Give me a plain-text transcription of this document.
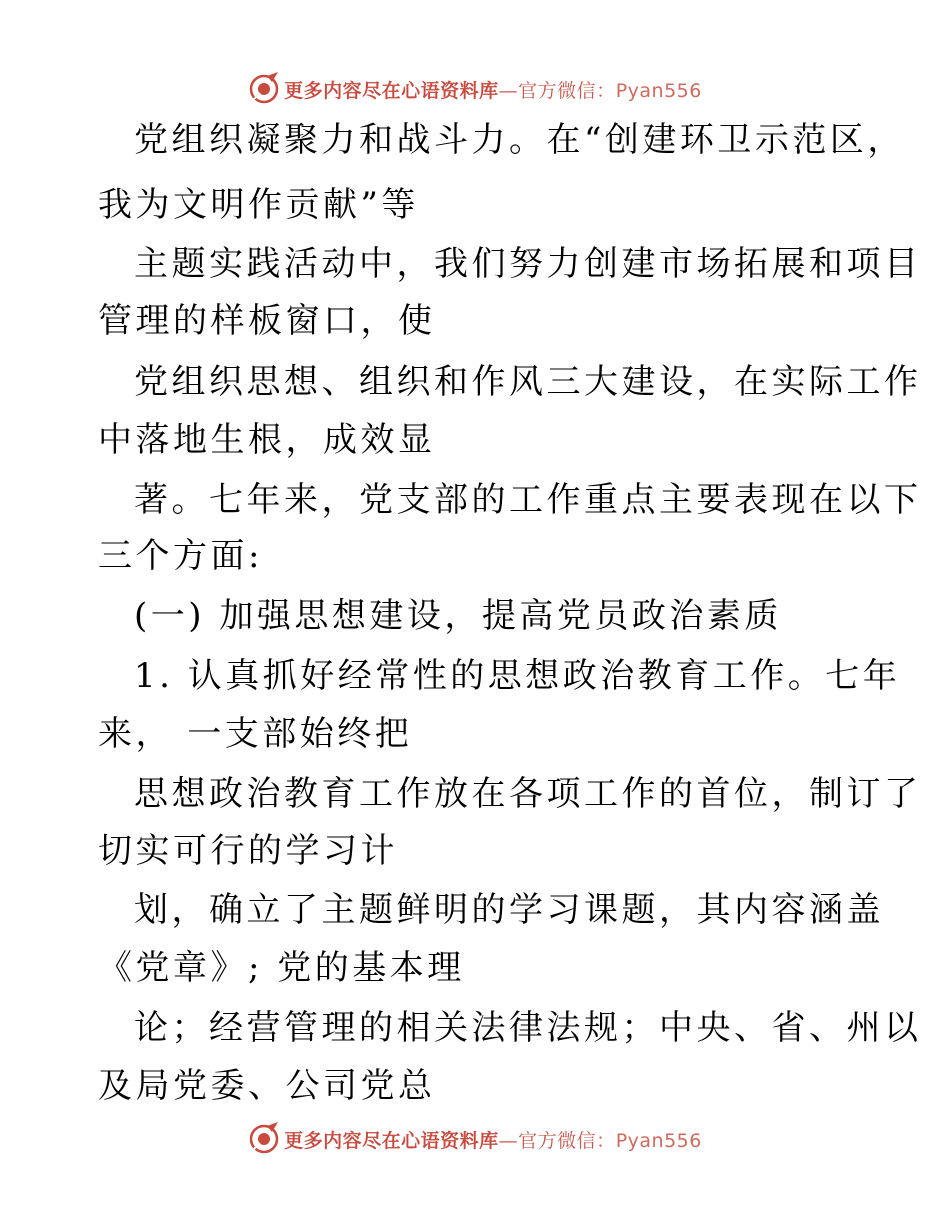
更多内容尽在心语资料库—官方微信：Pyan556
党组织凝聚力和战斗力。在“创建环卫示范区，
我为文明作贡献”等
主题实践活动中，我们努力创建市场拓展和项目
管理的样板窗口，使
党组织思想、组织和作风三大建设，在实际工作
中落地生根，成效显
著。七年来，党支部的工作重点主要表现在以下
三个方面:
(一) 加强思想建设，提高党员政治素质
1. 认真抓好经常性的思想政治教育工作。七年
来， 一支部始终把
思想政治教育工作放在各项工作的首位，制订了
切实可行的学习计
划，确立了主题鲜明的学习课题，其内容涵盖
《党章》; 党的基本理
论；经营管理的相关法律法规；中央、省、州以
及局党委、公司党总
更多内容尽在心语资料库—官方微信：Pyan556
